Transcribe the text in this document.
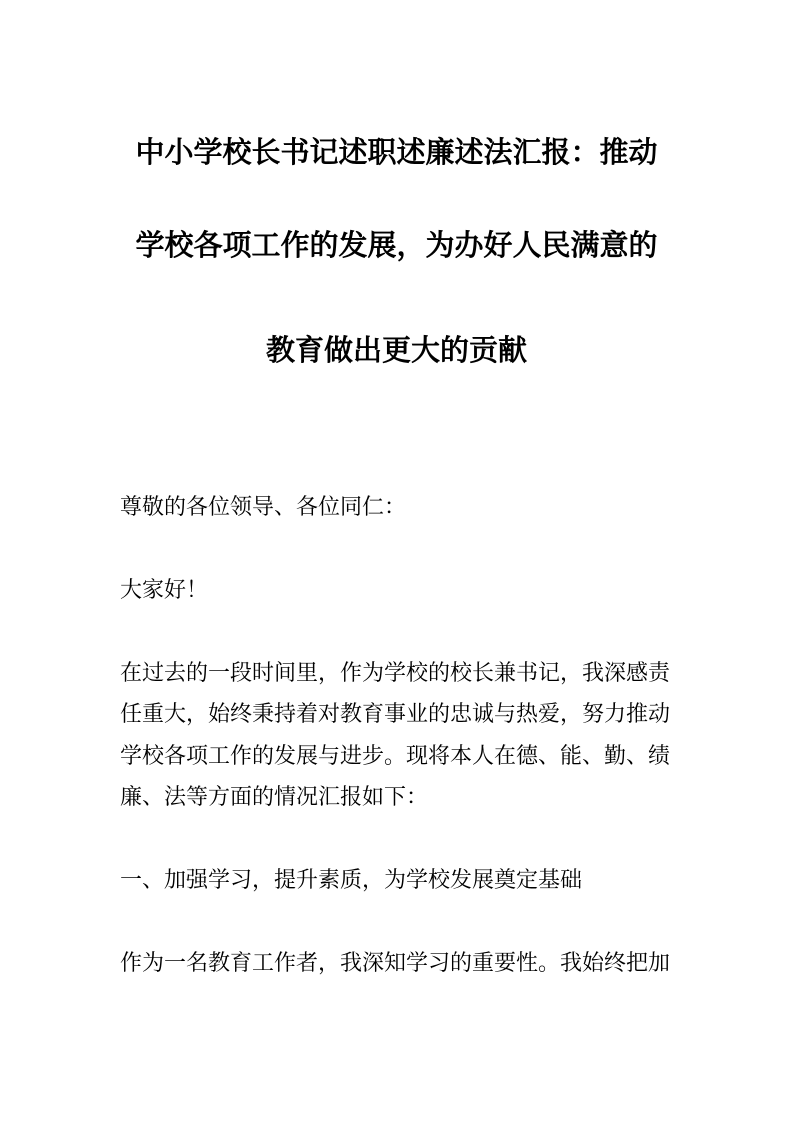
中小学校长书记述职述廉述法汇报：推动
学校各项工作的发展，为办好人民满意的
教育做出更大的贡献
尊敬的各位领导、各位同仁：
大家好！
在过去的一段时间里，作为学校的校长兼书记，我深感责
任重大，始终秉持着对教育事业的忠诚与热爱，努力推动
学校各项工作的发展与进步。现将本人在德、能、勤、绩
廉、法等方面的情况汇报如下：
一、加强学习，提升素质，为学校发展奠定基础
作为一名教育工作者，我深知学习的重要性。我始终把加
